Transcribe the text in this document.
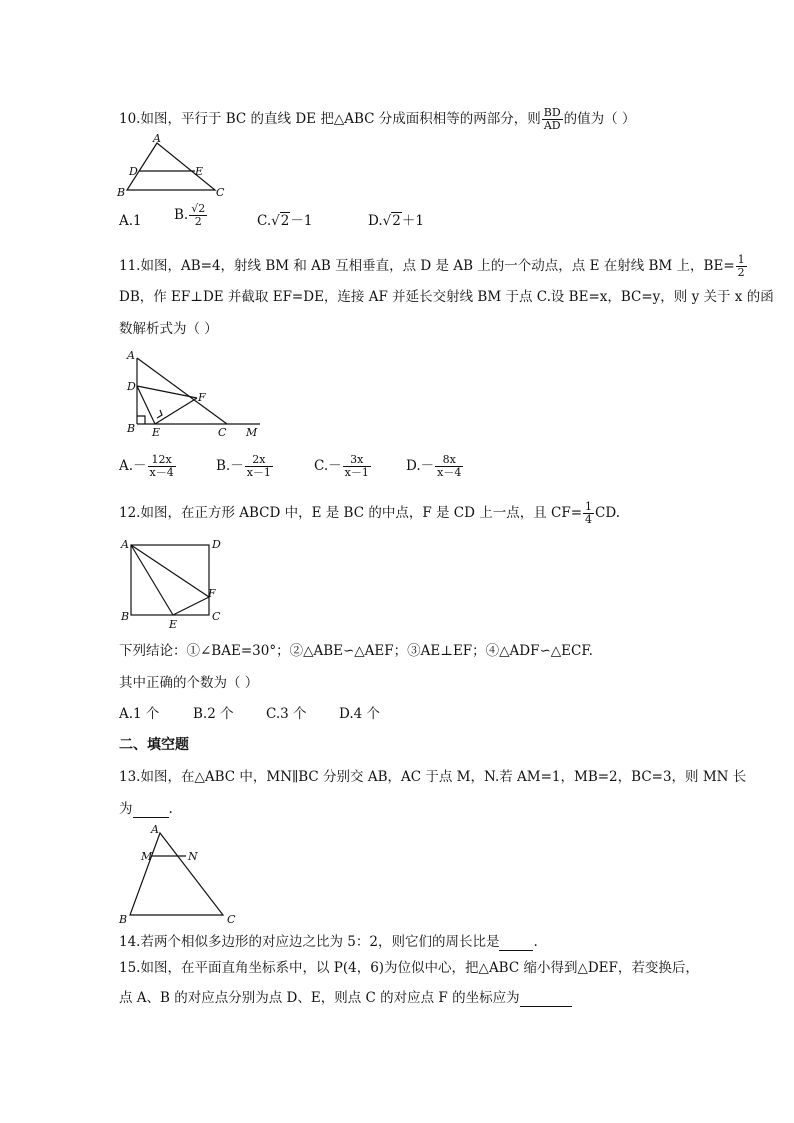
10.如图，平行于 BC 的直线 DE 把△ABC 分成面积相等的两部分，则 $\frac{BD}{AD}$ 的值为（ ）
A
B	C
D	E
A.1 B. $\frac{√2}{2}$	C.√2－1	D.√2＋1
11.如图，AB=4，射线 BM 和 AB 互相垂直，点 D 是 AB 上的一个动点，点 E 在射线 BM 上，$BE= \frac{1}{2}$
DB，作 EF⊥DE 并截取 EF=DE，连接 AF 并延长交射线 BM 于点 C.设 BE=x，BC=y，则 y 关于 x 的函
数解析式为（ ）
A
D
F
B E	C M
$A.- \frac{12x}{x-4}$	$B.- \frac{2x}{x-1}$	$C.- \frac{3x}{x-1}$	$D.- \frac{8x}{x-4}$
12.如图，在正方形 ABCD 中，E 是 BC 的中点，F 是 CD 上一点，且 $CF= \frac{1}{4}$ CD.
A	D
F
B
E
C
下列结论：①∠BAE=30°；②△ABE∽△AEF；③AE⊥EF；④△ADF∽△ECF.
其中正确的个数为（ ）
A.1 个 B.2 个 C.3 个 D.4 个
二、填空题
13.如图，在△ABC 中，MN∥BC 分别交 AB，AC 于点 M，N.若 AM=1，MB=2，BC=3，则 MN 长
为	.
A
M	N
B	C
14.若两个相似多边形的对应边之比为 5：2，则它们的周长比是	.
15.如图，在平面直角坐标系中，以 P(4，6)为位似中心，把△ABC 缩小得到△DEF，若变换后，
点 A、B 的对应点分别为点 D、E，则点 C 的对应点 F 的坐标应为
